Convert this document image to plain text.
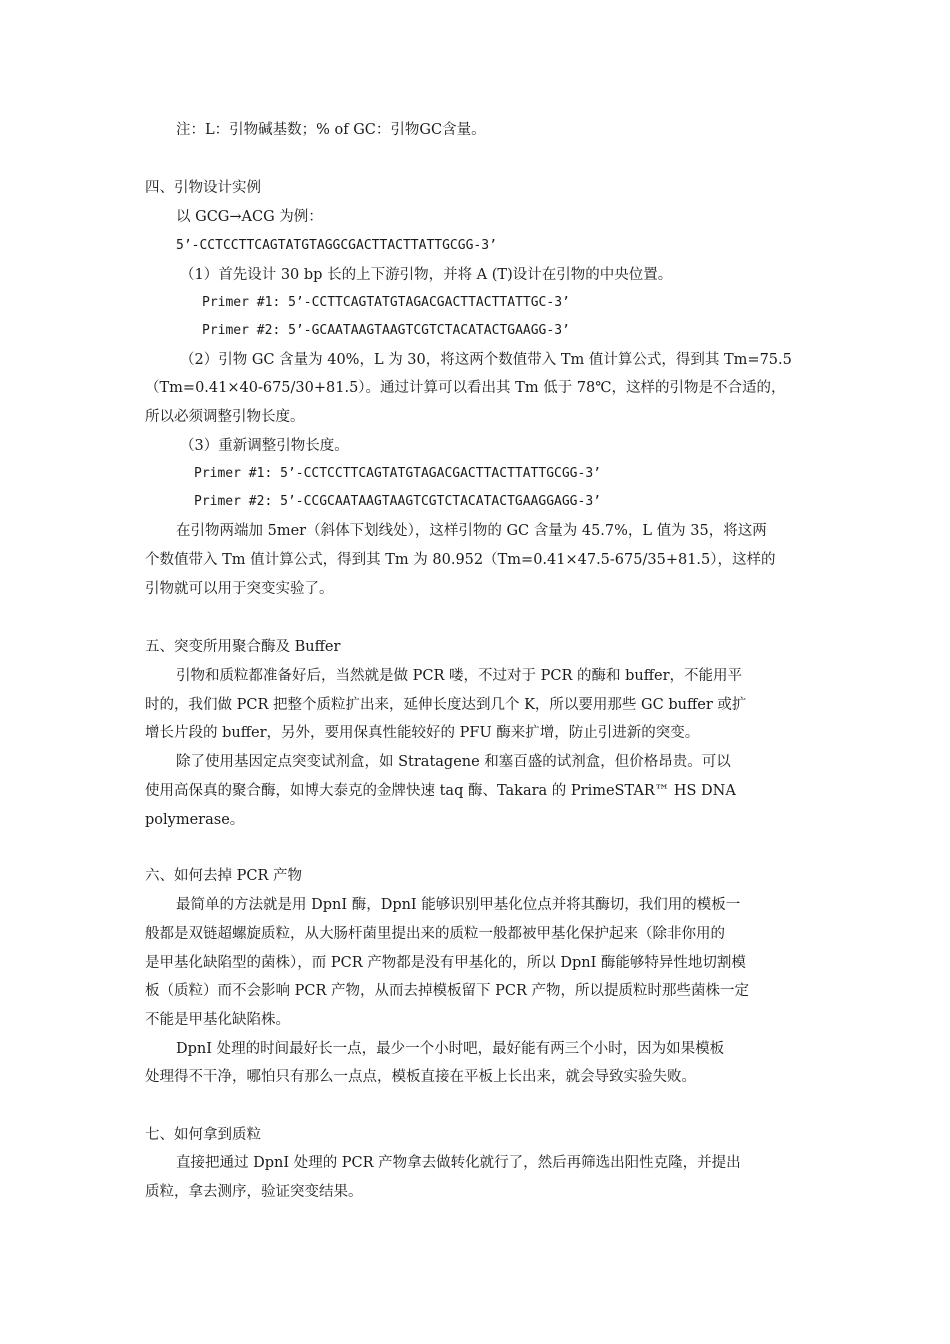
注：L：引物碱基数；% of GC：引物GC含量。
四、引物设计实例
以 GCG→ACG 为例：
5’-CCTCCTTCAGTATGTAGGCGACTTACTTATTGCGG-3’
（1）首先设计 30 bp 长的上下游引物，并将 A (T)设计在引物的中央位置。
Primer #1: 5’-CCTTCAGTATGTAGACGACTTACTTATTGC-3’
Primer #2: 5’-GCAATAAGTAAGTCGTCTACATACTGAAGG-3’
（2）引物 GC 含量为 40%，L 为 30，将这两个数值带入 Tm 值计算公式，得到其 Tm=75.5
（Tm=0.41×40-675/30+81.5）。通过计算可以看出其 Tm 低于 78℃，这样的引物是不合适的，
所以必须调整引物长度。
（3）重新调整引物长度。
Primer #1: 5’-CCTCCTTCAGTATGTAGACGACTTACTTATTGCGG-3’
Primer #2: 5’-CCGCAATAAGTAAGTCGTCTACATACTGAAGGAGG-3’
在引物两端加 5mer（斜体下划线处），这样引物的 GC 含量为 45.7%，L 值为 35，将这两
个数值带入 Tm 值计算公式，得到其 Tm 为 80.952（Tm=0.41×47.5-675/35+81.5），这样的
引物就可以用于突变实验了。
五、突变所用聚合酶及 Buffer
引物和质粒都准备好后，当然就是做 PCR 喽，不过对于 PCR 的酶和 buffer，不能用平
时的，我们做 PCR 把整个质粒扩出来，延伸长度达到几个 K，所以要用那些 GC buffer 或扩
增长片段的 buffer，另外，要用保真性能较好的 PFU 酶来扩增，防止引进新的突变。
除了使用基因定点突变试剂盒，如 Stratagene 和塞百盛的试剂盒，但价格昂贵。可以
使用高保真的聚合酶，如博大泰克的金牌快速 taq 酶、Takara 的 PrimeSTAR™ HS DNA
polymerase。
六、如何去掉 PCR 产物
最简单的方法就是用 DpnI 酶，DpnI 能够识别甲基化位点并将其酶切，我们用的模板一
般都是双链超螺旋质粒，从大肠杆菌里提出来的质粒一般都被甲基化保护起来（除非你用的
是甲基化缺陷型的菌株），而 PCR 产物都是没有甲基化的，所以 DpnI 酶能够特异性地切割模
板（质粒）而不会影响 PCR 产物，从而去掉模板留下 PCR 产物，所以提质粒时那些菌株一定
不能是甲基化缺陷株。
DpnI 处理的时间最好长一点，最少一个小时吧，最好能有两三个小时，因为如果模板
处理得不干净，哪怕只有那么一点点，模板直接在平板上长出来，就会导致实验失败。
七、如何拿到质粒
直接把通过 DpnI 处理的 PCR 产物拿去做转化就行了，然后再筛选出阳性克隆，并提出
质粒，拿去测序，验证突变结果。
